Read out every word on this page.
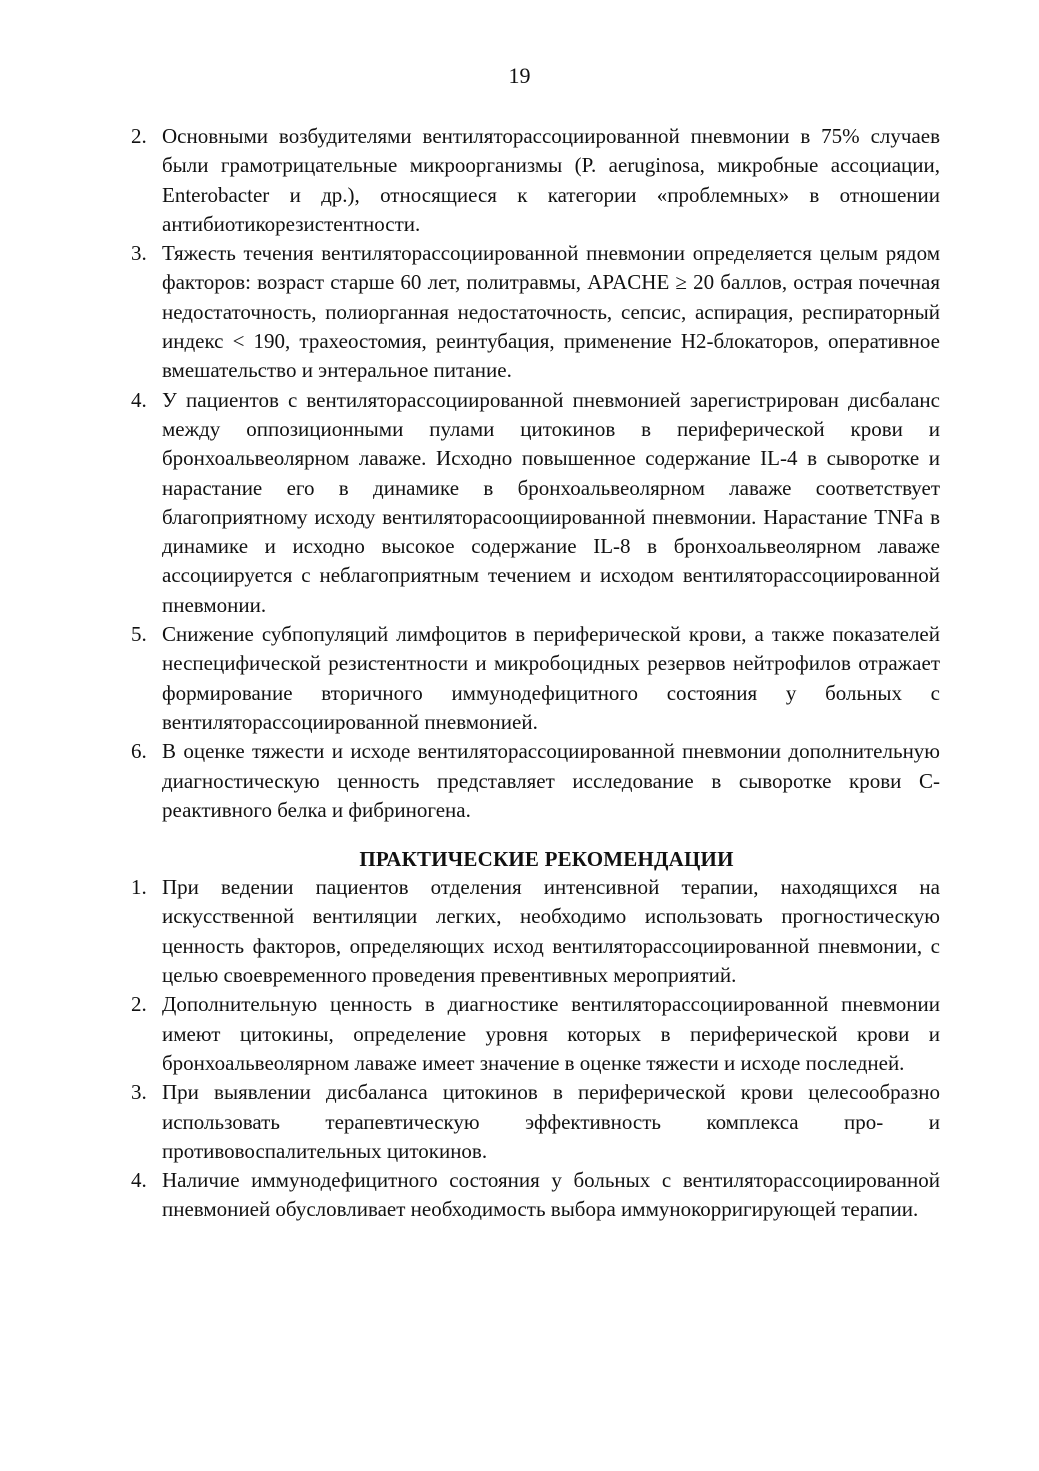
19
2. Основными возбудителями вентиляторассоциированной пневмонии в 75% случаев были грамотрицательные микроорганизмы (P. aeruginosa, микробные ассоциации, Enterobacter и др.), относящиеся к категории «проблемных» в отношении антибиотикорезистентности.
3. Тяжесть течения вентиляторассоциированной пневмонии определяется целым рядом факторов: возраст старше 60 лет, политравмы, APACHE ≥ 20 баллов, острая почечная недостаточность, полиорганная недостаточность, сепсис, аспирация, респираторный индекс < 190, трахеостомия, реинтубация, применение Н2-блокаторов, оперативное вмешательство и энтеральное питание.
4. У пациентов с вентиляторассоциированной пневмонией зарегистрирован дисбаланс между оппозиционными пулами цитокинов в периферической крови и бронхоальвеолярном лаваже. Исходно повышенное содержание IL-4 в сыворотке и нарастание его в динамике в бронхоальвеолярном лаваже соответствует благоприятному исходу вентиляторасоощиированной пневмонии. Нарастание TNFa в динамике и исходно высокое содержание IL-8 в бронхоальвеолярном лаваже ассоциируется с неблагоприятным течением и исходом вентиляторассоциированной пневмонии.
5. Снижение субпопуляций лимфоцитов в периферической крови, а также показателей неспецифической резистентности и микробоцидных резервов нейтрофилов отражает формирование вторичного иммунодефицитного состояния у больных с вентиляторассоциированной пневмонией.
6. В оценке тяжести и исходе вентиляторассоциированной пневмонии дополнительную диагностическую ценность представляет исследование в сыворотке крови С-реактивного белка и фибриногена.
ПРАКТИЧЕСКИЕ РЕКОМЕНДАЦИИ
1. При ведении пациентов отделения интенсивной терапии, находящихся на искусственной вентиляции легких, необходимо использовать прогностическую ценность факторов, определяющих исход вентиляторассоциированной пневмонии, с целью своевременного проведения превентивных мероприятий.
2. Дополнительную ценность в диагностике вентиляторассоциированной пневмонии имеют цитокины, определение уровня которых в периферической крови и бронхоальвеолярном лаваже имеет значение в оценке тяжести и исходе последней.
3. При выявлении дисбаланса цитокинов в периферической крови целесообразно использовать терапевтическую эффективность комплекса про- и противовоспалительных цитокинов.
4. Наличие иммунодефицитного состояния у больных с вентиляторассоциированной пневмонией обусловливает необходимость выбора иммунокорригирующей терапии.
